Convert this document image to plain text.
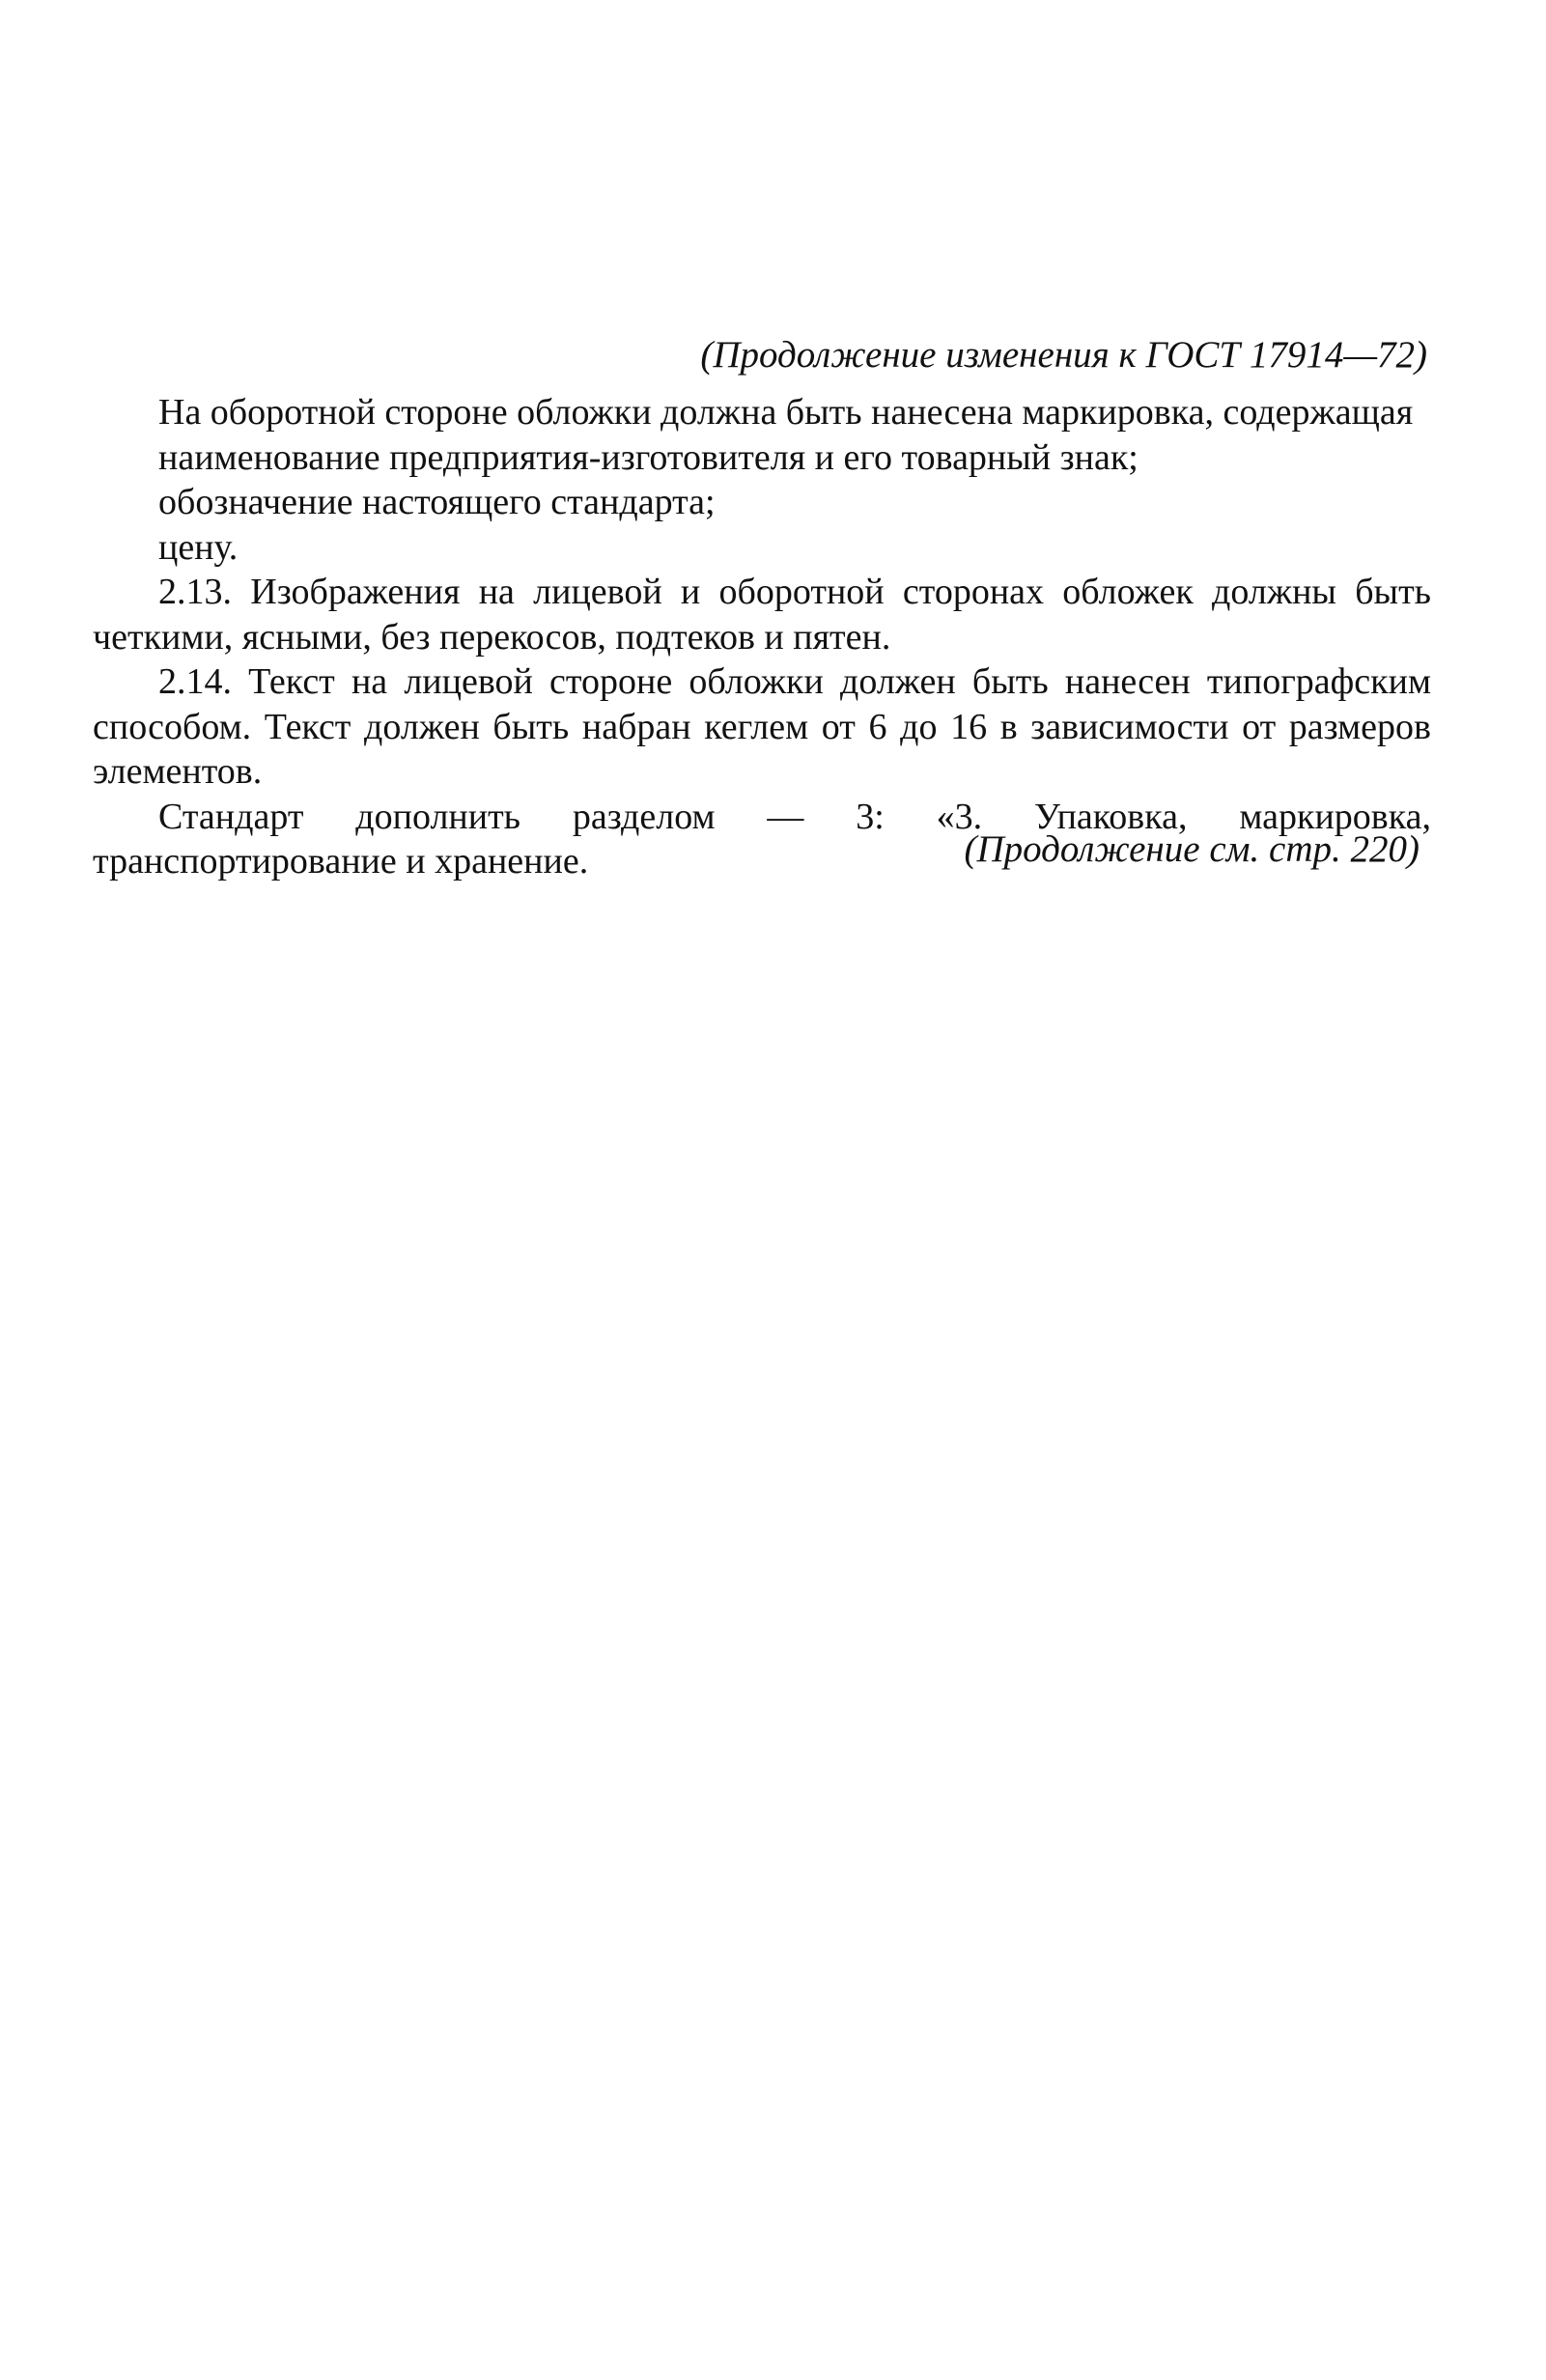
(Продолжение изменения к ГОСТ 17914—72)

На оборотной стороне обложки должна быть нанесена маркировка, содержащая

наименование предприятия-изготовителя и его товарный знак;

обозначение настоящего стандарта;

цену.

2.13. Изображения на лицевой и оборотной сторонах обложек должны быть четкими, ясными, без перекосов, подтеков и пятен.

2.14. Текст на лицевой стороне обложки должен быть нанесен типографским способом. Текст должен быть набран кеглем от 6 до 16 в зависимости от размеров элементов.

Стандарт дополнить разделом — 3: «3. Упаковка, маркировка, транспортирование и хранение.	(Продолжение см. стр. 220)
